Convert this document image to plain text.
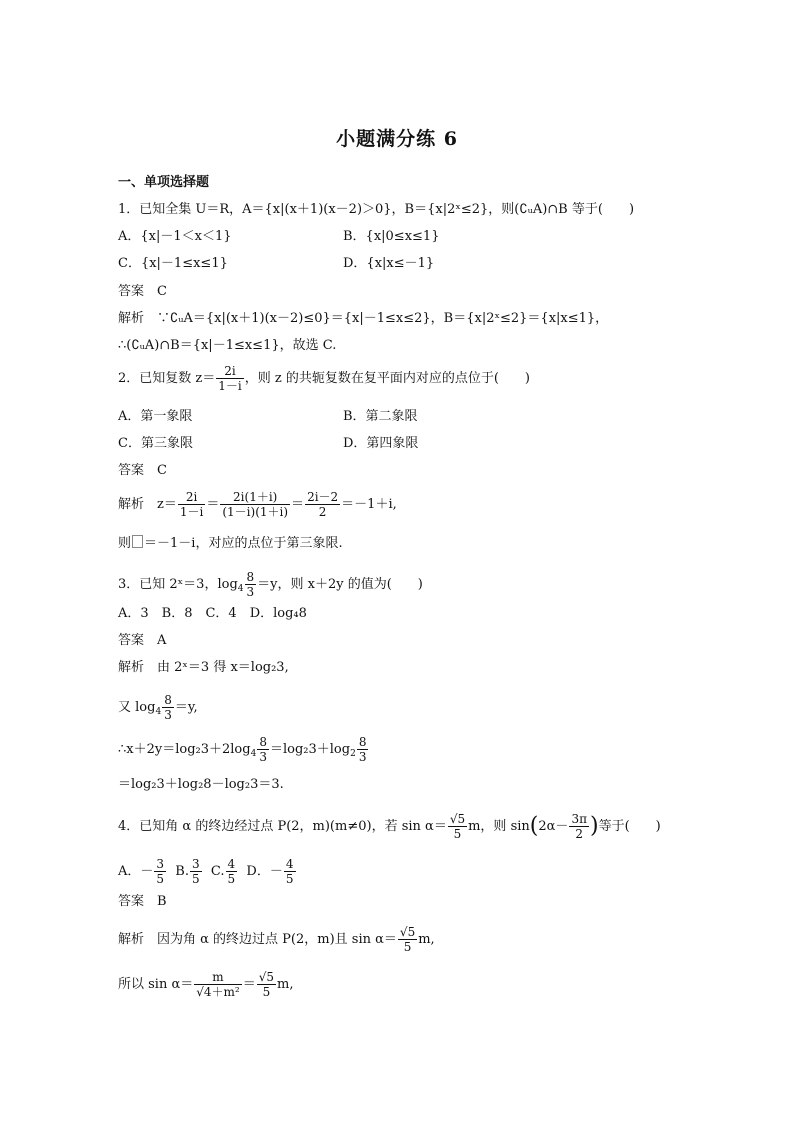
小题满分练 6
一、单项选择题
1．已知全集 U＝R，A＝{x|(x＋1)(x－2)＞0}，B＝{x|2ˣ≤2}，则(∁ᵤA)∩B 等于(　　)
A．{x|－1＜x＜1}	B．{x|0≤x≤1}
C．{x|－1≤x≤1}	D．{x|x≤－1}
答案　C
解析　∵∁ᵤA＝{x|(x＋1)(x－2)≤0}＝{x|－1≤x≤2}，B＝{x|2ˣ≤2}＝{x|x≤1}，
∴(∁ᵤA)∩B＝{x|－1≤x≤1}，故选 C.
2．已知复数 $z= \frac{2i}{1-i}$ ，则 z 的共轭复数在复平面内对应的点位于(　　)
A．第一象限	B．第二象限
C．第三象限	D．第四象限
答案　C
解析　$z= \frac{2i}{1-i} = \frac{2i(1+i)}{(1-i)(1+i)} = \frac{2i-2}{2} =-1+i$,
则 ＝－1－i，对应的点位于第三象限.
3．已知 2ˣ＝3，$\log_4 \frac{8}{3} =y$，则 x＋2y 的值为(　　)
A．3　B．8　C．4　D．log₄8
答案　A
解析　由 2ˣ＝3 得 x＝log₂3,
又 $\log_4 \frac{8}{3} =y$,
$\therefore x+2y=\log_23+2\log_4 \frac{8}{3} =\log_23+\log_2 \frac{8}{3}$
＝log₂3＋log₂8－log₂3＝3.
4．已知角 α 的终边经过点 P(2，m)(m≠0)，若 $\sin \alpha= \frac{√5}{5}$ m，则 $\sin(2\alpha- \frac{3\pi}{2}$ )等于(　　)
A．－ $\frac{3}{5} B$. $\frac{3}{5} C$. $\frac{4}{5}$ D．－ $\frac{4}{5}$
答案　B
解析　因为角 α 的终边过点 P(2，m)且 $\sin \alpha= \frac{√5}{5} m$,
所以 $\sin \alpha= \frac{m}{\text{√4＋m²}} = \frac{√5}{5} m$,
